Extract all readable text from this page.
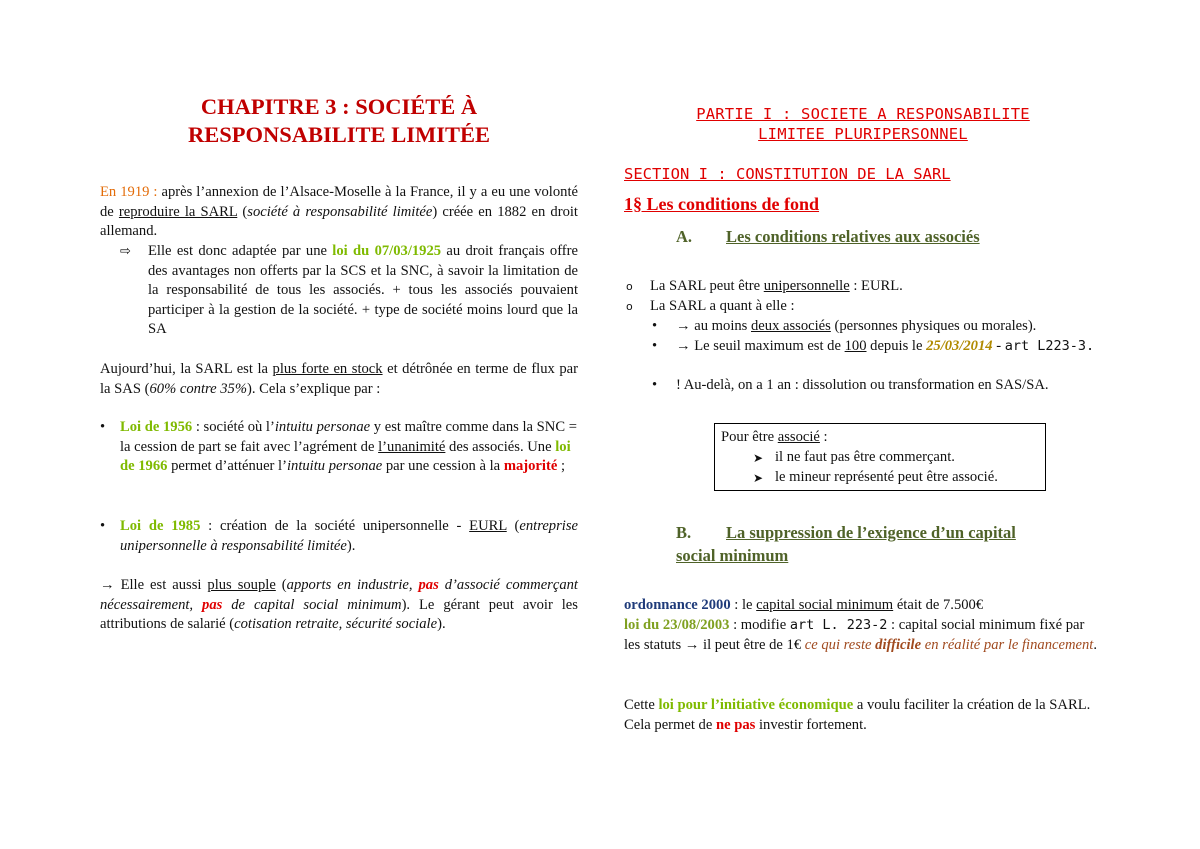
CHAPITRE 3 : SOCIÉTÉ À
RESPONSABILITE LIMITÉE
En 1919 : après l’annexion de l’Alsace-Moselle à la France, il y a eu une volonté de reproduire la SARL (société à responsabilité limitée) créée en 1882 en droit allemand.
⇨ Elle est donc adaptée par une loi du 07/03/1925 au droit français offre des avantages non offerts par la SCS et la SNC, à savoir la limitation de la responsabilité de tous les associés. + tous les associés pouvaient participer à la gestion de la société. + type de société moins lourd que la SA
Aujourd’hui, la SARL est la plus forte en stock et détrônée en terme de flux par la SAS (60% contre 35%). Cela s’explique par :
• Loi de 1956 : société où l’intuitu personae y est maître comme dans la SNC = la cession de part se fait avec l’agrément de l’unanimité des associés. Une loi de 1966 permet d’atténuer l’intuitu personae par une cession à la majorité ;
• Loi de 1985 : création de la société unipersonnelle - EURL (entreprise unipersonnelle à responsabilité limitée).
→ Elle est aussi plus souple (apports en industrie, pas d’associé commerçant nécessairement, pas de capital social minimum). Le gérant peut avoir les attributions de salarié (cotisation retraite, sécurité sociale).
PARTIE I : SOCIETE A RESPONSABILITE
LIMITEE PLURIPERSONNEL
SECTION I : CONSTITUTION DE LA SARL
1§ Les conditions de fond
A. Les conditions relatives aux associés
o La SARL peut être unipersonnelle : EURL.
o La SARL a quant à elle :
• → au moins deux associés (personnes physiques ou morales).
• → Le seuil maximum est de 100 depuis le 25/03/2014 - art L223-3.
• ! Au-delà, on a 1 an : dissolution ou transformation en SAS/SA.
Pour être associé :
➤ il ne faut pas être commerçant.
➤ le mineur représenté peut être associé.
B. La suppression de l’exigence d’un capital
social minimum
ordonnance 2000 : le capital social minimum était de 7.500€
loi du 23/08/2003 : modifie art L. 223-2 : capital social minimum fixé par les statuts → il peut être de 1€ ce qui reste difficile en réalité par le financement.
Cette loi pour l’initiative économique a voulu faciliter la création de la SARL. Cela permet de ne pas investir fortement.
